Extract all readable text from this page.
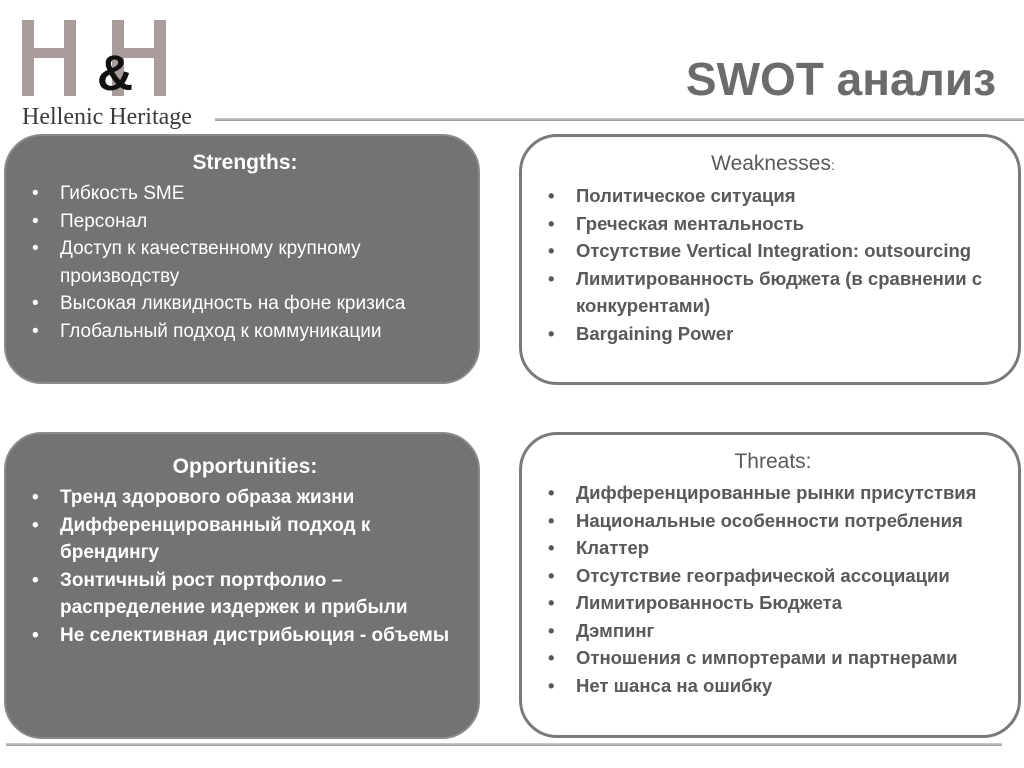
&
Hellenic Heritage
SWOT анализ
Strengths:
• Гибкость SME
• Персонал
• Доступ к качественному крупному производству
• Высокая ликвидность на фоне кризиса
• Глобальный подход к коммуникации
Weaknesses:
• Политическое ситуация
• Греческая ментальность
• Отсутствие Vertical Integration: outsourcing
• Лимитированность бюджета (в сравнении с конкурентами)
• Bargaining Power
Opportunities:
• Тренд здорового образа жизни
• Дифференцированный подход к брендингу
• Зонтичный рост портфолио – распределение издержек и прибыли
• Не селективная дистрибьюция - объемы
Threats:
• Дифференцированные рынки присутствия
• Национальные особенности потребления
• Клаттер
• Отсутствие географической ассоциации
• Лимитированность Бюджета
• Дэмпинг
• Отношения с импортерами и партнерами
• Нет шанса на ошибку
